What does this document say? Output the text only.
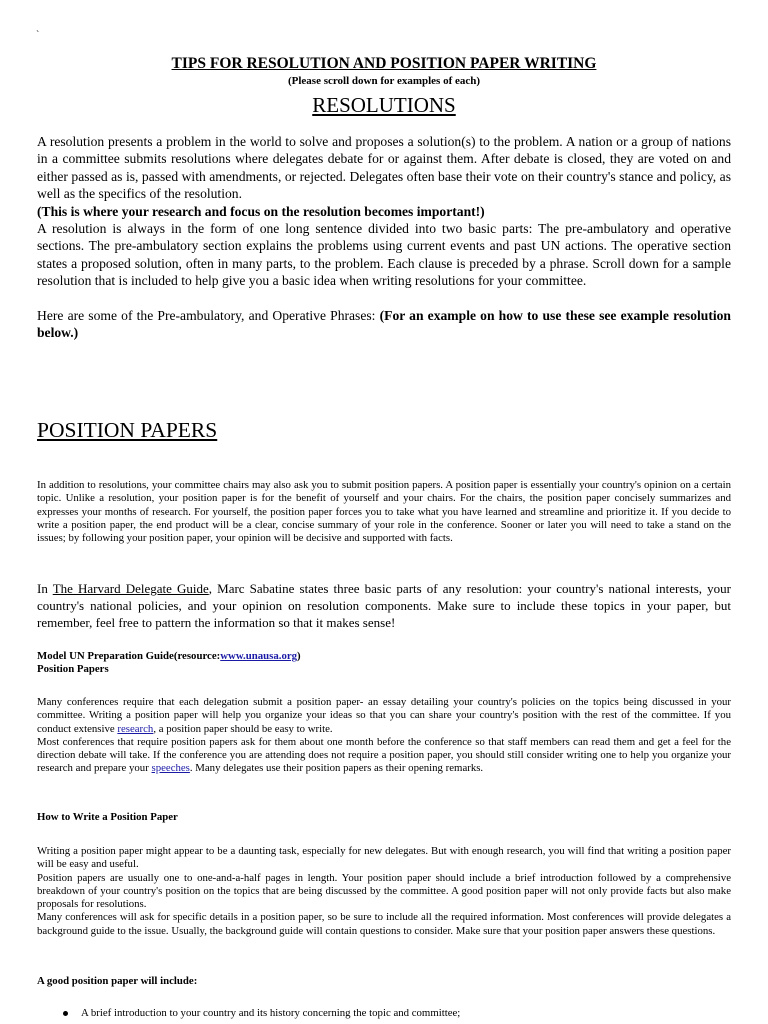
`
TIPS FOR RESOLUTION AND POSITION PAPER WRITING
(Please scroll down for examples of each)
RESOLUTIONS

A resolution presents a problem in the world to solve and proposes a solution(s) to the problem. A nation or a group of nations in a committee submits resolutions where delegates debate for or against them. After debate is closed, they are voted on and either passed as is, passed with amendments, or rejected. Delegates often base their vote on their country's stance and policy, as well as the specifics of the resolution.

(This is where your research and focus on the resolution becomes important!)

A resolution is always in the form of one long sentence divided into two basic parts: The pre-ambulatory and operative sections. The pre-ambulatory section explains the problems using current events and past UN actions. The operative section states a proposed solution, often in many parts, to the problem. Each clause is preceded by a phrase. Scroll down for a sample resolution that is included to help give you a basic idea when writing resolutions for your committee.

Here are some of the Pre-ambulatory, and Operative Phrases: (For an example on how to use these see example resolution below.)

POSITION PAPERS
In addition to resolutions, your committee chairs may also ask you to submit position papers. A position paper is essentially your country's opinion on a certain topic. Unlike a resolution, your position paper is for the benefit of yourself and your chairs. For the chairs, the position paper concisely summarizes and expresses your months of research. For yourself, the position paper forces you to take what you have learned and streamline and prioritize it. If you decide to write a position paper, the end product will be a clear, concise summary of your role in the conference. Sooner or later you will need to take a stand on the issues; by following your position paper, your opinion will be decisive and supported with facts.
In The Harvard Delegate Guide, Marc Sabatine states three basic parts of any resolution: your country's national interests, your country's national policies, and your opinion on resolution components. Make sure to include these topics in your paper, but remember, feel free to pattern the information so that it makes sense!
Model UN Preparation Guide(resource:www.unausa.org)
Position Papers

Many conferences require that each delegation submit a position paper- an essay detailing your country's policies on the topics being discussed in your committee. Writing a position paper will help you organize your ideas so that you can share your country's position with the rest of the committee. If you conduct extensive research, a position paper should be easy to write.

Most conferences that require position papers ask for them about one month before the conference so that staff members can read them and get a feel for the direction debate will take. If the conference you are attending does not require a position paper, you should still consider writing one to help you organize your research and prepare your speeches. Many delegates use their position papers as their opening remarks.

How to Write a Position Paper

Writing a position paper might appear to be a daunting task, especially for new delegates. But with enough research, you will find that writing a position paper will be easy and useful.

Position papers are usually one to one-and-a-half pages in length. Your position paper should include a brief introduction followed by a comprehensive breakdown of your country's position on the topics that are being discussed by the committee. A good position paper will not only provide facts but also make proposals for resolutions.

Many conferences will ask for specific details in a position paper, so be sure to include all the required information. Most conferences will provide delegates a background guide to the issue. Usually, the background guide will contain questions to consider. Make sure that your position paper answers these questions.

A good position paper will include:
A brief introduction to your country and its history concerning the topic and committee;
